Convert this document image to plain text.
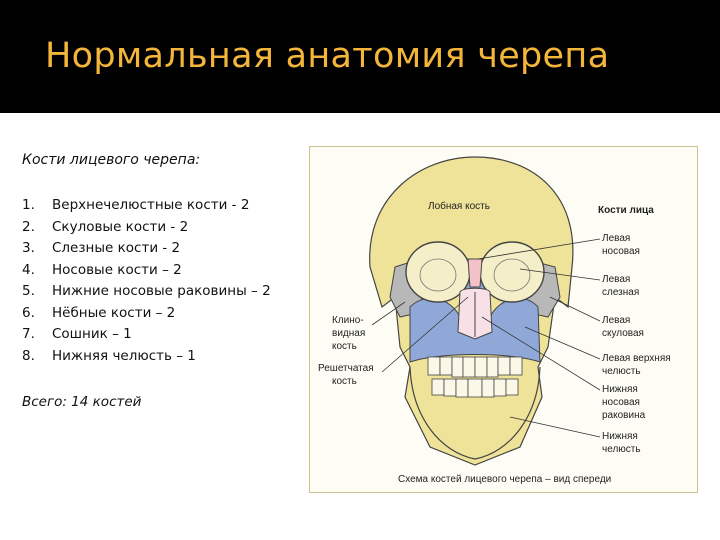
Нормальная анатомия черепа
Кости лицевого черепа:
1. Верхнечелюстные кости - 2
2. Скуловые кости - 2
3. Слезные кости - 2
4. Носовые кости – 2
5. Нижние носовые раковины – 2
6. Нёбные кости – 2
7. Сошник – 1
8. Нижняя челюсть – 1
Всего: 14 костей
Лобная кость	Кости лица
Клино-
видная
кость
Решетчатая
кость
Левая
носовая
Левая
слезная
Левая
скуловая
Левая верхняя
челюсть
Нижняя
носовая
раковина
Нижняя
челюсть
Схема костей лицевого черепа – вид спереди
